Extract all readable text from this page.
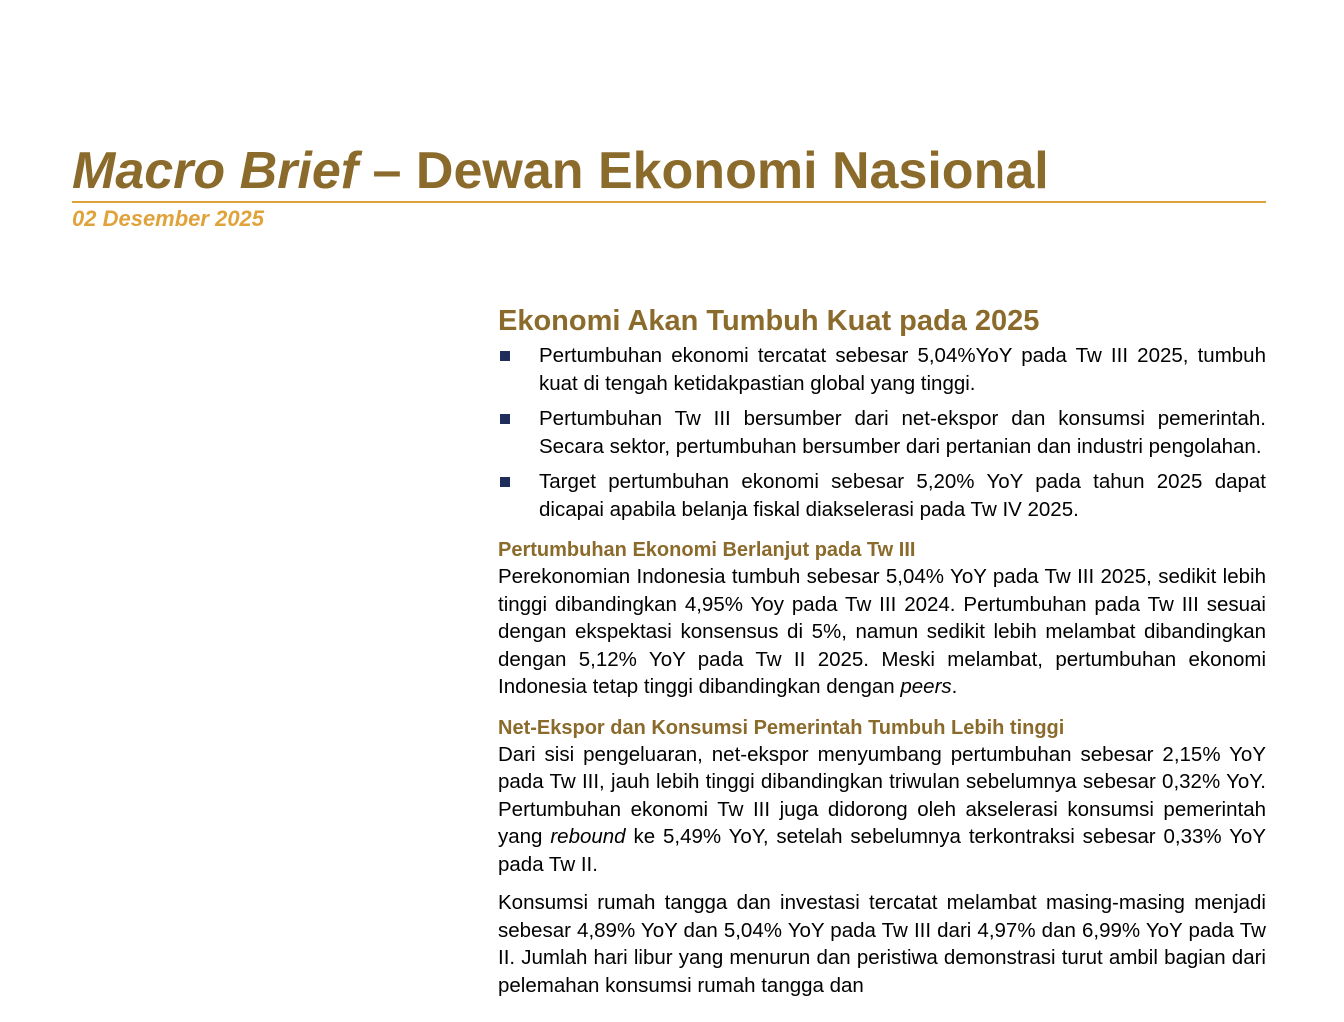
Macro Brief – Dewan Ekonomi Nasional
02 Desember 2025
Ekonomi Akan Tumbuh Kuat pada 2025
Pertumbuhan ekonomi tercatat sebesar 5,04%YoY pada Tw III 2025, tumbuh kuat di tengah ketidakpastian global yang tinggi.
Pertumbuhan Tw III bersumber dari net-ekspor dan konsumsi pemerintah. Secara sektor, pertumbuhan bersumber dari pertanian dan industri pengolahan.
Target pertumbuhan ekonomi sebesar 5,20% YoY pada tahun 2025 dapat dicapai apabila belanja fiskal diakselerasi pada Tw IV 2025.
Pertumbuhan Ekonomi Berlanjut pada Tw III

Perekonomian Indonesia tumbuh sebesar 5,04% YoY pada Tw III 2025, sedikit lebih tinggi dibandingkan 4,95% Yoy pada Tw III 2024. Pertumbuhan pada Tw III sesuai dengan ekspektasi konsensus di 5%, namun sedikit lebih melambat dibandingkan dengan 5,12% YoY pada Tw II 2025. Meski melambat, pertumbuhan ekonomi Indonesia tetap tinggi dibandingkan dengan peers.

Net-Ekspor dan Konsumsi Pemerintah Tumbuh Lebih tinggi

Dari sisi pengeluaran, net-ekspor menyumbang pertumbuhan sebesar 2,15% YoY pada Tw III, jauh lebih tinggi dibandingkan triwulan sebelumnya sebesar 0,32% YoY. Pertumbuhan ekonomi Tw III juga didorong oleh akselerasi konsumsi pemerintah yang rebound ke 5,49% YoY, setelah sebelumnya terkontraksi sebesar 0,33% YoY pada Tw II.

Konsumsi rumah tangga dan investasi tercatat melambat masing-masing menjadi sebesar 4,89% YoY dan 5,04% YoY pada Tw III dari 4,97% dan 6,99% YoY pada Tw II. Jumlah hari libur yang menurun dan peristiwa demonstrasi turut ambil bagian dari pelemahan konsumsi rumah tangga dan
